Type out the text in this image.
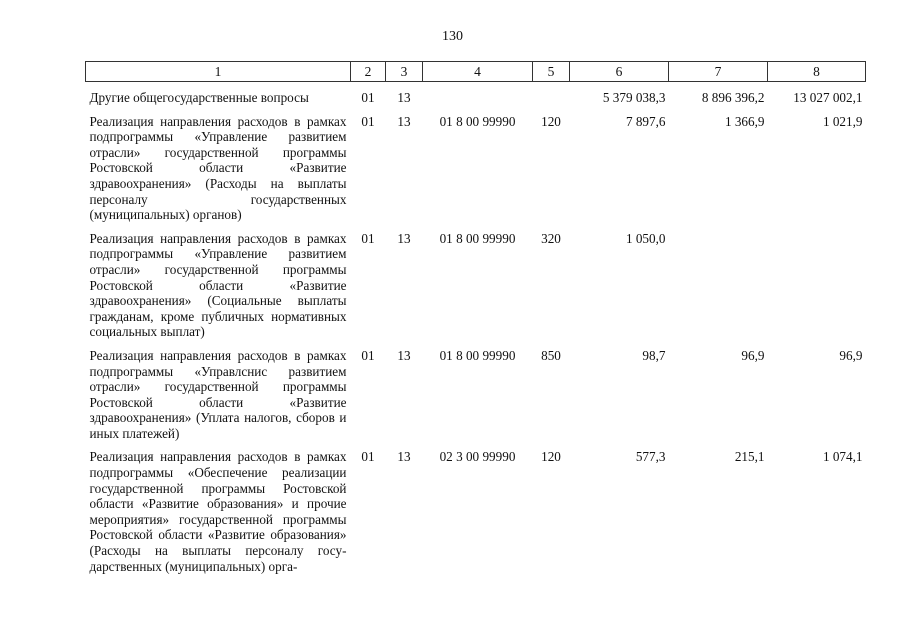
130
1	2	3	4	5	6	7	8
Другие общегосударственные вопросы	01	13			5 379 038,3	8 896 396,2	13 027 002,1
Реализация направления расходов в рамках подпрограммы «Управление развитием отрасли» государственной программы Ростовской области «Развитие здравоохранения» (Расходы на выплаты персоналу государственных (муниципальных) органов)	01	13	01 8 00 99990	120	7 897,6	1 366,9	1 021,9
Реализация направления расходов в рамках подпрограммы «Управление развитием отрасли» государственной программы Ростовской области «Развитие здравоохранения» (Социальные выплаты гражданам, кроме публичных нормативных социальных выплат)	01	13	01 8 00 99990	320	1 050,0		
Реализация направления расходов в рамках подпрограммы «Управлснис развитием отрасли» государственной программы Ростовской области «Развитие здравоохранения» (Уплата налогов, сборов и иных платежей)	01	13	01 8 00 99990	850	98,7	96,9	96,9
Реализация направления расходов в рамках подпрограммы «Обеспечение реализации государственной программы Ростовской области «Развитие образования» и прочие мероприятия» государственной программы Ростовской области «Развитие образования» (Расходы на выплаты персоналу государственных (муниципальных) орга-	01	13	02 3 00 99990	120	577,3	215,1	1 074,1
